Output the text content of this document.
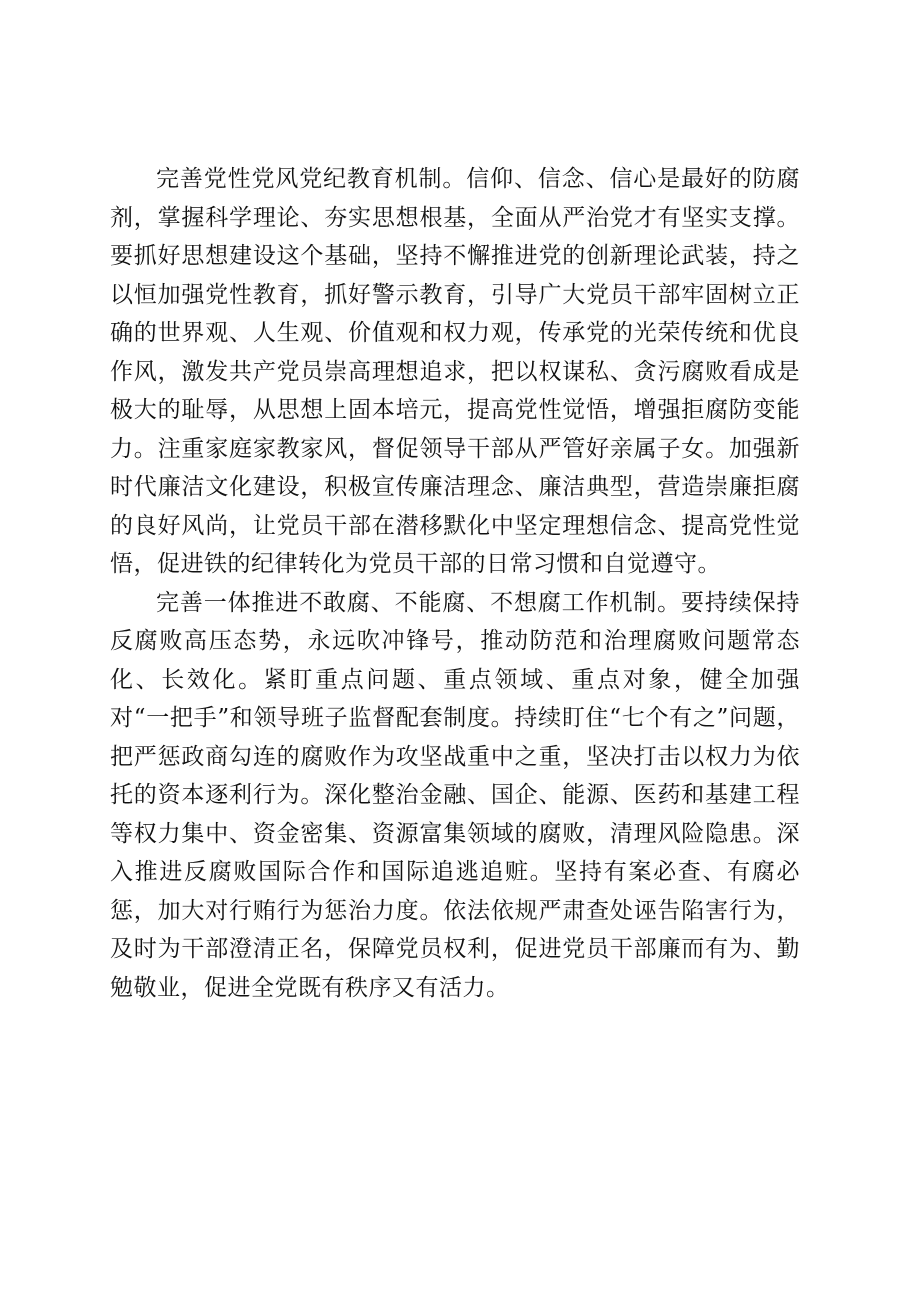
完善党性党风党纪教育机制。信仰、信念、信心是最好的防腐剂，掌握科学理论、夯实思想根基，全面从严治党才有坚实支撑。要抓好思想建设这个基础，坚持不懈推进党的创新理论武装，持之以恒加强党性教育，抓好警示教育，引导广大党员干部牢固树立正确的世界观、人生观、价值观和权力观，传承党的光荣传统和优良作风，激发共产党员崇高理想追求，把以权谋私、贪污腐败看成是极大的耻辱，从思想上固本培元，提高党性觉悟，增强拒腐防变能力。注重家庭家教家风，督促领导干部从严管好亲属子女。加强新时代廉洁文化建设，积极宣传廉洁理念、廉洁典型，营造崇廉拒腐的良好风尚，让党员干部在潜移默化中坚定理想信念、提高党性觉悟，促进铁的纪律转化为党员干部的日常习惯和自觉遵守。

完善一体推进不敢腐、不能腐、不想腐工作机制。要持续保持反腐败高压态势，永远吹冲锋号，推动防范和治理腐败问题常态化、长效化。紧盯重点问题、重点领域、重点对象，健全加强对“一把手”和领导班子监督配套制度。持续盯住“七个有之”问题，把严惩政商勾连的腐败作为攻坚战重中之重，坚决打击以权力为依托的资本逐利行为。深化整治金融、国企、能源、医药和基建工程等权力集中、资金密集、资源富集领域的腐败，清理风险隐患。深入推进反腐败国际合作和国际追逃追赃。坚持有案必查、有腐必惩，加大对行贿行为惩治力度。依法依规严肃查处诬告陷害行为，及时为干部澄清正名，保障党员权利，促进党员干部廉而有为、勤勉敬业，促进全党既有秩序又有活力。
